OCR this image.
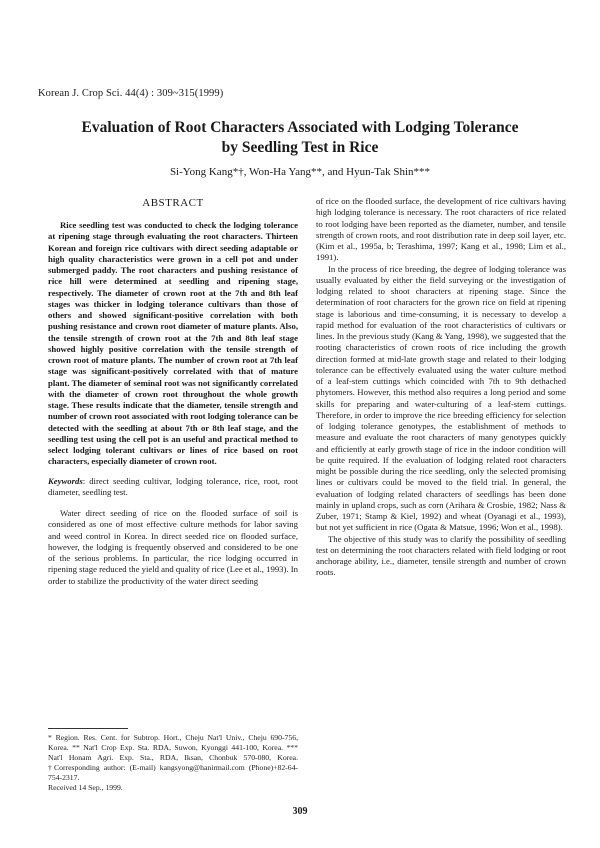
Korean J. Crop Sci. 44(4) : 309~315(1999)
Evaluation of Root Characters Associated with Lodging Tolerance
by Seedling Test in Rice
Si-Yong Kang*†, Won-Ha Yang**, and Hyun-Tak Shin***
ABSTRACT

Rice seedling test was conducted to check the lodging tolerance at ripening stage through evaluating the root characters. Thirteen Korean and foreign rice cultivars with direct seeding adaptable or high quality characteristics were grown in a cell pot and under submerged paddy. The root characters and pushing resistance of rice hill were determined at seedling and ripening stage, respectively. The diameter of crown root at the 7th and 8th leaf stages was thicker in lodging tolerance cultivars than those of others and showed significant-positive correlation with both pushing resistance and crown root diameter of mature plants. Also, the tensile strength of crown root at the 7th and 8th leaf stage showed highly positive correlation with the tensile strength of crown root of mature plants. The number of crown root at 7th leaf stage was significant-positively correlated with that of mature plant. The diameter of seminal root was not significantly correlated with the diameter of crown root throughout the whole growth stage. These results indicate that the diameter, tensile strength and number of crown root associated with root lodging tolerance can be detected with the seedling at about 7th or 8th leaf stage, and the seedling test using the cell pot is an useful and practical method to select lodging tolerant cultivars or lines of rice based on root characters, especially diameter of crown root.

Keywords: direct seeding cultivar, lodging tolerance, rice, root, root diameter, seedling test.

Water direct seeding of rice on the flooded surface of soil is considered as one of most effective culture methods for labor saving and weed control in Korea. In direct seeded rice on flooded surface, however, the lodging is frequently observed and considered to be one of the serious problems. In particular, the rice lodging occurred in ripening stage reduced the yield and quality of rice (Lee et al., 1993). In order to stabilize the productivity of the water direct seeding

of rice on the flooded surface, the development of rice cultivars having high lodging tolerance is necessary. The root characters of rice related to root lodging have been reported as the diameter, number, and tensile strength of crown roots, and root distribution rate in deep soil layer, etc. (Kim et al., 1995a, b; Terashima, 1997; Kang et al., 1998; Lim et al., 1991).

In the process of rice breeding, the degree of lodging tolerance was usually evaluated by either the field surveying or the investigation of lodging related to shoot characters at ripening stage. Since the determination of root characters for the grown rice on field at ripening stage is laborious and time-consuming, it is necessary to develop a rapid method for evaluation of the root characteristics of cultivars or lines. In the previous study (Kang & Yang, 1998), we suggested that the rooting characteristics of crown roots of rice including the growth direction formed at mid-late growth stage and related to their lodging tolerance can be effectively evaluated using the water culture method of a leaf-stem cuttings which coincided with 7th to 9th dethached phytomers. However, this method also requires a long period and some skills for preparing and water-culturing of a leaf-stem cuttings. Therefore, in order to improve the rice breeding efficiency for selection of lodging tolerance genotypes, the establishment of methods to measure and evaluate the root characters of many genotypes quickly and efficiently at early growth stage of rice in the indoor condition will be quite required. If the evaluation of lodging related root characters might be possible during the rice seedling, only the selected promising lines or cultivars could be moved to the field trial. In general, the evaluation of lodging related characters of seedlings has been done mainly in upland crops, such as corn (Arihara & Crosbie, 1982; Nass & Zuber, 1971; Stamp & Kiel, 1992) and wheat (Oyanagi et al., 1993), but not yet sufficient in rice (Ogata & Matsue, 1996; Won et al., 1998).

The objective of this study was to clarify the possibility of seedling test on determining the root characters related with field lodging or root anchorage ability, i.e., diameter, tensile strength and number of crown roots.

* Region. Res. Cent. for Subtrop. Hort., Cheju Nat'l Univ., Cheju 690-756, Korea. ** Nat'l Crop Exp. Sta. RDA, Suwon, Kyonggi 441-100, Korea. *** Nat'l Honam Agri. Exp. Sta., RDA, Iksan, Chonbuk 570-080, Korea. †Corresponding author: (E-mail) kangsyong@hanirmail.com (Phone)+82-64-754-2317.

Received 14 Sep., 1999.

309
